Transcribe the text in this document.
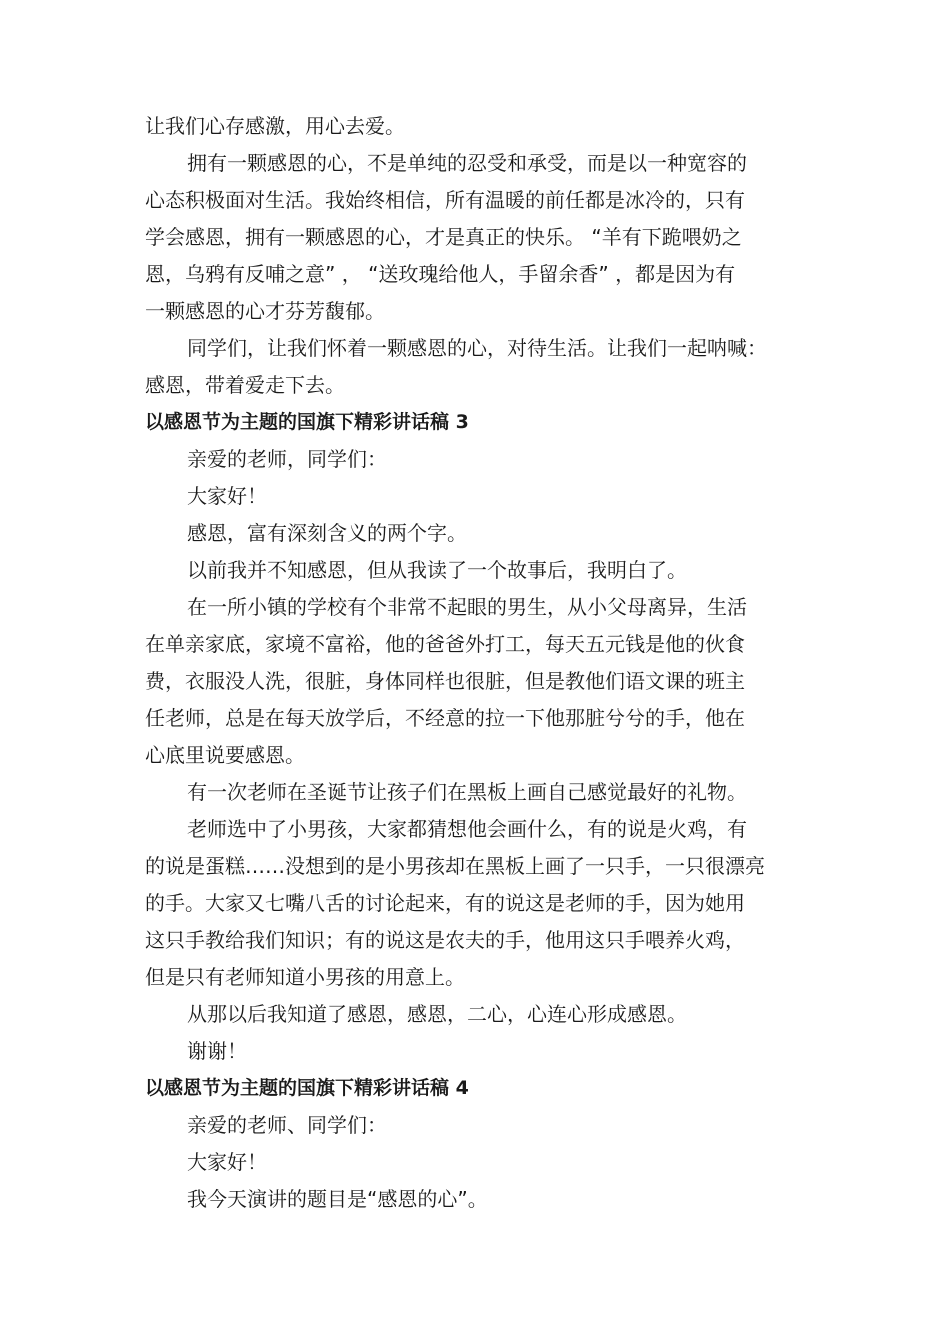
让我们心存感激，用心去爱。

拥有一颗感恩的心，不是单纯的忍受和承受，而是以一种宽容的

心态积极面对生活。我始终相信，所有温暖的前任都是冰冷的，只有

学会感恩，拥有一颗感恩的心，才是真正的快乐。 “羊有下跪喂奶之

恩，乌鸦有反哺之意” ， “送玫瑰给他人，手留余香” ，都是因为有

一颗感恩的心才芬芳馥郁。

同学们，让我们怀着一颗感恩的心，对待生活。让我们一起呐喊：

感恩，带着爱走下去。

以感恩节为主题的国旗下精彩讲话稿 3

亲爱的老师，同学们：

大家好！

感恩，富有深刻含义的两个字。

以前我并不知感恩，但从我读了一个故事后，我明白了。

在一所小镇的学校有个非常不起眼的男生，从小父母离异，生活

在单亲家底，家境不富裕，他的爸爸外打工，每天五元钱是他的伙食

费，衣服没人洗，很脏，身体同样也很脏，但是教他们语文课的班主

任老师，总是在每天放学后，不经意的拉一下他那脏兮兮的手，他在

心底里说要感恩。

有一次老师在圣诞节让孩子们在黑板上画自己感觉最好的礼物。

老师选中了小男孩，大家都猜想他会画什么，有的说是火鸡，有

的说是蛋糕……没想到的是小男孩却在黑板上画了一只手，一只很漂亮

的手。大家又七嘴八舌的讨论起来，有的说这是老师的手，因为她用

这只手教给我们知识；有的说这是农夫的手，他用这只手喂养火鸡，

但是只有老师知道小男孩的用意上。

从那以后我知道了感恩，感恩，二心，心连心形成感恩。

谢谢！

以感恩节为主题的国旗下精彩讲话稿 4

亲爱的老师、同学们：

大家好！

我今天演讲的题目是“感恩的心”。
